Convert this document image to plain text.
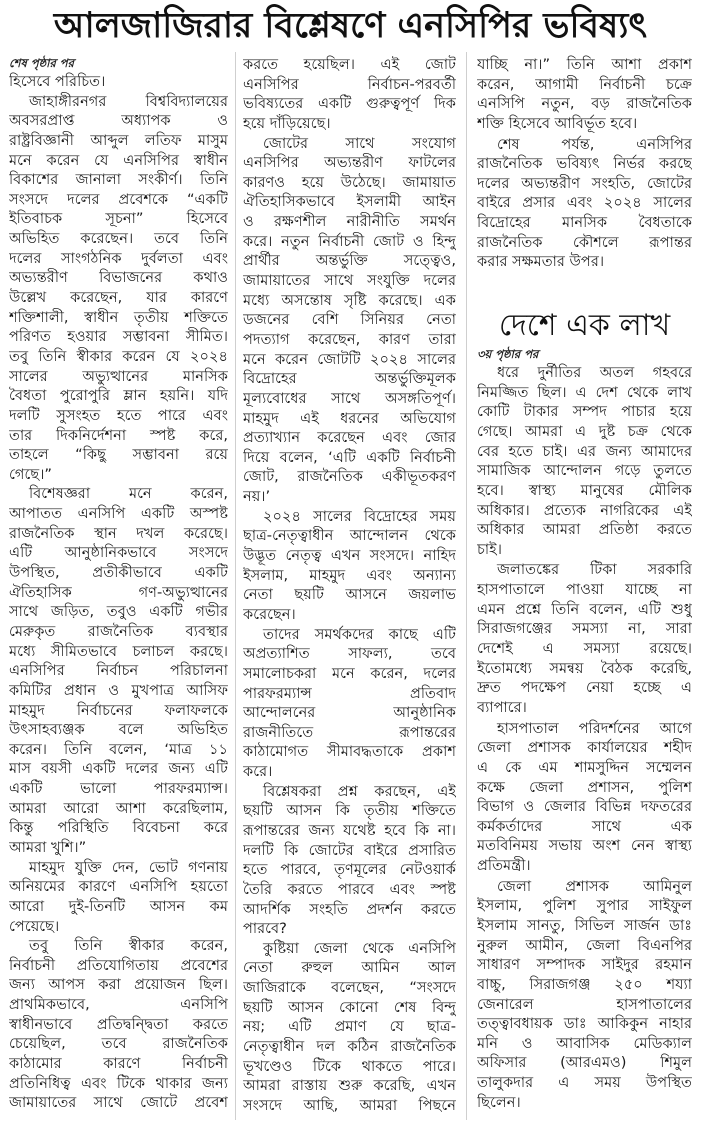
আলজাজিরার বিশ্লেষণে এনসিপির ভবিষ্যৎ
শেষ পৃষ্ঠার পর
হিসেবে পরিচিত।
জাহাঙ্গীরনগর বিশ্ববিদ্যালয়ের
অবসরপ্রাপ্ত অধ্যাপক ও
রাষ্ট্রবিজ্ঞানী আব্দুল লতিফ মাসুম
মনে করেন যে এনসিপির স্বাধীন
বিকাশের জানালা সংকীর্ণ। তিনি
সংসদে দলের প্রবেশকে “একটি
ইতিবাচক সূচনা” হিসেবে
অভিহিত করেছেন। তবে তিনি
দলের সাংগঠনিক দুর্বলতা এবং
অভ্যন্তরীণ বিভাজনের কথাও
উল্লেখ করেছেন, যার কারণে
শক্তিশালী, স্বাধীন তৃতীয় শক্তিতে
পরিণত হওয়ার সম্ভাবনা সীমিত।
তবু তিনি স্বীকার করেন যে ২০২৪
সালের অভ্যুত্থানের মানসিক
বৈধতা পুরোপুরি ম্লান হয়নি। যদি
দলটি সুসংহত হতে পারে এবং
তার দিকনির্দেশনা স্পষ্ট করে,
তাহলে “কিছু সম্ভাবনা রয়ে
গেছে।”
বিশেষজ্ঞরা মনে করেন,
আপাতত এনসিপি একটি অস্পষ্ট
রাজনৈতিক স্থান দখল করেছে।
এটি আনুষ্ঠানিকভাবে সংসদে
উপস্থিত, প্রতীকীভাবে একটি
ঐতিহাসিক গণ-অভ্যুত্থানের
সাথে জড়িত, তবুও একটি গভীর
মেরুকৃত রাজনৈতিক ব্যবস্থার
মধ্যে সীমিতভাবে চলাচল করছে।
এনসিপির নির্বাচন পরিচালনা
কমিটির প্রধান ও মুখপাত্র আসিফ
মাহমুদ নির্বাচনের ফলাফলকে
উৎসাহব্যঞ্জক বলে অভিহিত
করেন। তিনি বলেন, ‘মাত্র ১১
মাস বয়সী একটি দলের জন্য এটি
একটি ভালো পারফরম্যান্স।
আমরা আরো আশা করেছিলাম,
কিন্তু পরিস্থিতি বিবেচনা করে
আমরা খুশি।”
মাহমুদ যুক্তি দেন, ভোট গণনায়
অনিয়মের কারণে এনসিপি হয়তো
আরো দুই-তিনটি আসন কম
পেয়েছে।
তবু তিনি স্বীকার করেন,
নির্বাচনী প্রতিযোগিতায় প্রবেশের
জন্য আপস করা প্রয়োজন ছিল।
প্রাথমিকভাবে, এনসিপি
স্বাধীনভাবে প্রতিদ্বন্দ্বিতা করতে
চেয়েছিল, তবে রাজনৈতিক
কাঠামোর কারণে নির্বাচনী
প্রতিনিধিত্ব এবং টিকে থাকার জন্য
জামায়াতের সাথে জোটে প্রবেশ
করতে হয়েছিল। এই জোট
এনসিপির নির্বাচন-পরবর্তী
ভবিষ্যতের একটি গুরুত্বপূর্ণ দিক
হয়ে দাঁড়িয়েছে।
জোটের সাথে সংযোগ
এনসিপির অভ্যন্তরীণ ফাটলের
কারণও হয়ে উঠেছে। জামায়াত
ঐতিহাসিকভাবে ইসলামী আইন
ও রক্ষণশীল নারীনীতি সমর্থন
করে। নতুন নির্বাচনী জোট ও হিন্দু
প্রার্থীর অন্তর্ভুক্তি সত্ত্বেও,
জামায়াতের সাথে সংযুক্তি দলের
মধ্যে অসন্তোষ সৃষ্টি করেছে। এক
ডজনের বেশি সিনিয়র নেতা
পদত্যাগ করেছেন, কারণ তারা
মনে করেন জোটটি ২০২৪ সালের
বিদ্রোহের অন্তর্ভুক্তিমূলক
মূল্যবোধের সাথে অসঙ্গতিপূর্ণ।
মাহমুদ এই ধরনের অভিযোগ
প্রত্যাখ্যান করেছেন এবং জোর
দিয়ে বলেন, ‘এটি একটি নির্বাচনী
জোট, রাজনৈতিক একীভূতকরণ
নয়।’
২০২৪ সালের বিদ্রোহের সময়
ছাত্র-নেতৃত্বাধীন আন্দোলন থেকে
উদ্ভূত নেতৃত্ব এখন সংসদে। নাহিদ
ইসলাম, মাহমুদ এবং অন্যান্য
নেতা ছয়টি আসনে জয়লাভ
করেছেন।
তাদের সমর্থকদের কাছে এটি
অপ্রত্যাশিত সাফল্য, তবে
সমালোচকরা মনে করেন, দলের
পারফরম্যান্স প্রতিবাদ
আন্দোলনের আনুষ্ঠানিক
রাজনীতিতে রূপান্তরের
কাঠামোগত সীমাবদ্ধতাকে প্রকাশ
করে।
বিশ্লেষকরা প্রশ্ন করছেন, এই
ছয়টি আসন কি তৃতীয় শক্তিতে
রূপান্তরের জন্য যথেষ্ট হবে কি না।
দলটি কি জোটের বাইরে প্রসারিত
হতে পারবে, তৃণমূলের নেটওয়ার্ক
তৈরি করতে পারবে এবং স্পষ্ট
আদর্শিক সংহতি প্রদর্শন করতে
পারবে?
কুষ্টিয়া জেলা থেকে এনসিপি
নেতা রুহুল আমিন আল
জাজিরাকে বলেছেন, “সংসদে
ছয়টি আসন কোনো শেষ বিন্দু
নয়; এটি প্রমাণ যে ছাত্র-
নেতৃত্বাধীন দল কঠিন রাজনৈতিক
ভূখণ্ডেও টিকে থাকতে পারে।
আমরা রাস্তায় শুরু করেছি, এখন
সংসদে আছি, আমরা পিছনে
যাচ্ছি না।” তিনি আশা প্রকাশ
করেন, আগামী নির্বাচনী চক্রে
এনসিপি নতুন, বড় রাজনৈতিক
শক্তি হিসেবে আবির্ভূত হবে।
শেষ পর্যন্ত, এনসিপির
রাজনৈতিক ভবিষ্যৎ নির্ভর করছে
দলের অভ্যন্তরীণ সংহতি, জোটের
বাইরে প্রসার এবং ২০২৪ সালের
বিদ্রোহের মানসিক বৈধতাকে
রাজনৈতিক কৌশলে রূপান্তর
করার সক্ষমতার উপর।
দেশে এক লাখ
৩য় পৃষ্ঠার পর
ধরে দুর্নীতির অতল গহবরে
নিমজ্জিত ছিল। এ দেশ থেকে লাখ
কোটি টাকার সম্পদ পাচার হয়ে
গেছে। আমরা এ দুষ্ট চক্র থেকে
বের হতে চাই। এর জন্য আমাদের
সামাজিক আন্দোলন গড়ে তুলতে
হবে। স্বাস্থ্য মানুষের মৌলিক
অধিকার। প্রত্যেক নাগরিকের এই
অধিকার আমরা প্রতিষ্ঠা করতে
চাই।
জলাতঙ্কের টিকা সরকারি
হাসপাতালে পাওয়া যাচ্ছে না
এমন প্রশ্নে তিনি বলেন, এটি শুধু
সিরাজগঞ্জের সমস্যা না, সারা
দেশেই এ সমস্যা রয়েছে।
ইতোমধ্যে সমন্বয় বৈঠক করেছি,
দ্রুত পদক্ষেপ নেয়া হচ্ছে এ
ব্যাপারে।
হাসপাতাল পরিদর্শনের আগে
জেলা প্রশাসক কার্যালয়ের শহীদ
এ কে এম শামসুদ্দিন সম্মেলন
কক্ষে জেলা প্রশাসন, পুলিশ
বিভাগ ও জেলার বিভিন্ন দফতরের
কর্মকর্তাদের সাথে এক
মতবিনিময় সভায় অংশ নেন স্বাস্থ্য
প্রতিমন্ত্রী।
জেলা প্রশাসক আমিনুল
ইসলাম, পুলিশ সুপার সাইফুল
ইসলাম সানতু, সিভিল সার্জন ডাঃ
নুরুল আমীন, জেলা বিএনপির
সাধারণ সম্পাদক সাইদুর রহমান
বাচ্চু, সিরাজগঞ্জ ২৫০ শয্যা
জেনারেল হাসপাতালের
তত্ত্বাবধায়ক ডাঃ আকিকুন নাহার
মনি ও আবাসিক মেডিক্যাল
অফিসার (আরএমও) শিমুল
তালুকদার এ সময় উপস্থিত
ছিলেন।
